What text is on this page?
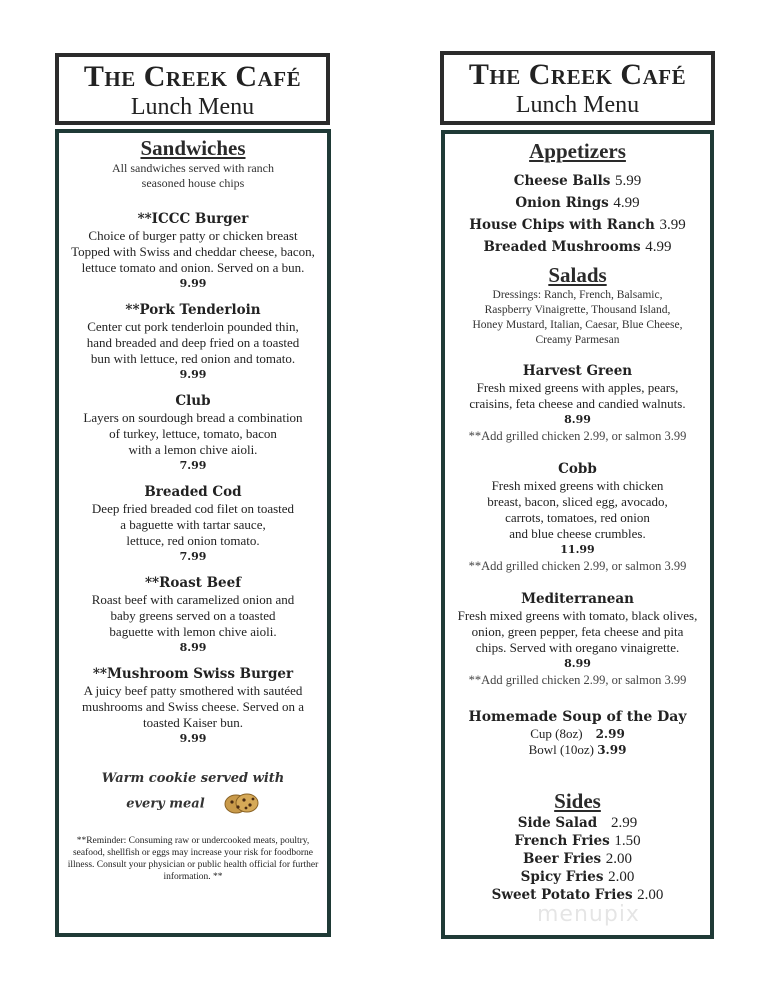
The Creek Café
Lunch Menu
Sandwiches
All sandwiches served with ranch
seasoned house chips
**ICCC Burger
Choice of burger patty or chicken breast
Topped with Swiss and cheddar cheese, bacon,
lettuce tomato and onion. Served on a bun.
9.99
**Pork Tenderloin
Center cut pork tenderloin pounded thin,
hand breaded and deep fried on a toasted
bun with lettuce, red onion and tomato.
9.99
Club
Layers on sourdough bread a combination
of turkey, lettuce, tomato, bacon
with a lemon chive aioli.
7.99
Breaded Cod
Deep fried breaded cod filet on toasted
a baguette with tartar sauce,
lettuce, red onion tomato.
7.99
**Roast Beef
Roast beef with caramelized onion and
baby greens served on a toasted
baguette with lemon chive aioli.
8.99
**Mushroom Swiss Burger
A juicy beef patty smothered with sautéed
mushrooms and Swiss cheese. Served on a
toasted Kaiser bun.
9.99
Warm cookie served with
every meal
**Reminder: Consuming raw or undercooked meats, poultry, seafood, shellfish or eggs may increase your risk for foodborne illness. Consult your physician or public health official for further information. **
The Creek Café
Lunch Menu
Appetizers
Cheese Balls 5.99
Onion Rings 4.99
House Chips with Ranch 3.99
Breaded Mushrooms 4.99
Salads
Dressings: Ranch, French, Balsamic,
Raspberry Vinaigrette, Thousand Island,
Honey Mustard, Italian, Caesar, Blue Cheese,
Creamy Parmesan
Harvest Green
Fresh mixed greens with apples, pears,
craisins, feta cheese and candied walnuts.
8.99
**Add grilled chicken 2.99, or salmon 3.99
Cobb
Fresh mixed greens with chicken
breast, bacon, sliced egg, avocado,
carrots, tomatoes, red onion
and blue cheese crumbles.
11.99
**Add grilled chicken 2.99, or salmon 3.99
Mediterranean
Fresh mixed greens with tomato, black olives,
onion, green pepper, feta cheese and pita
chips. Served with oregano vinaigrette.
8.99
**Add grilled chicken 2.99, or salmon 3.99
Homemade Soup of the Day
Cup (8oz) 2.99
Bowl (10oz) 3.99
Sides
Side Salad 2.99
French Fries 1.50
Beer Fries 2.00
Spicy Fries 2.00
Sweet Potato Fries 2.00
menupix
